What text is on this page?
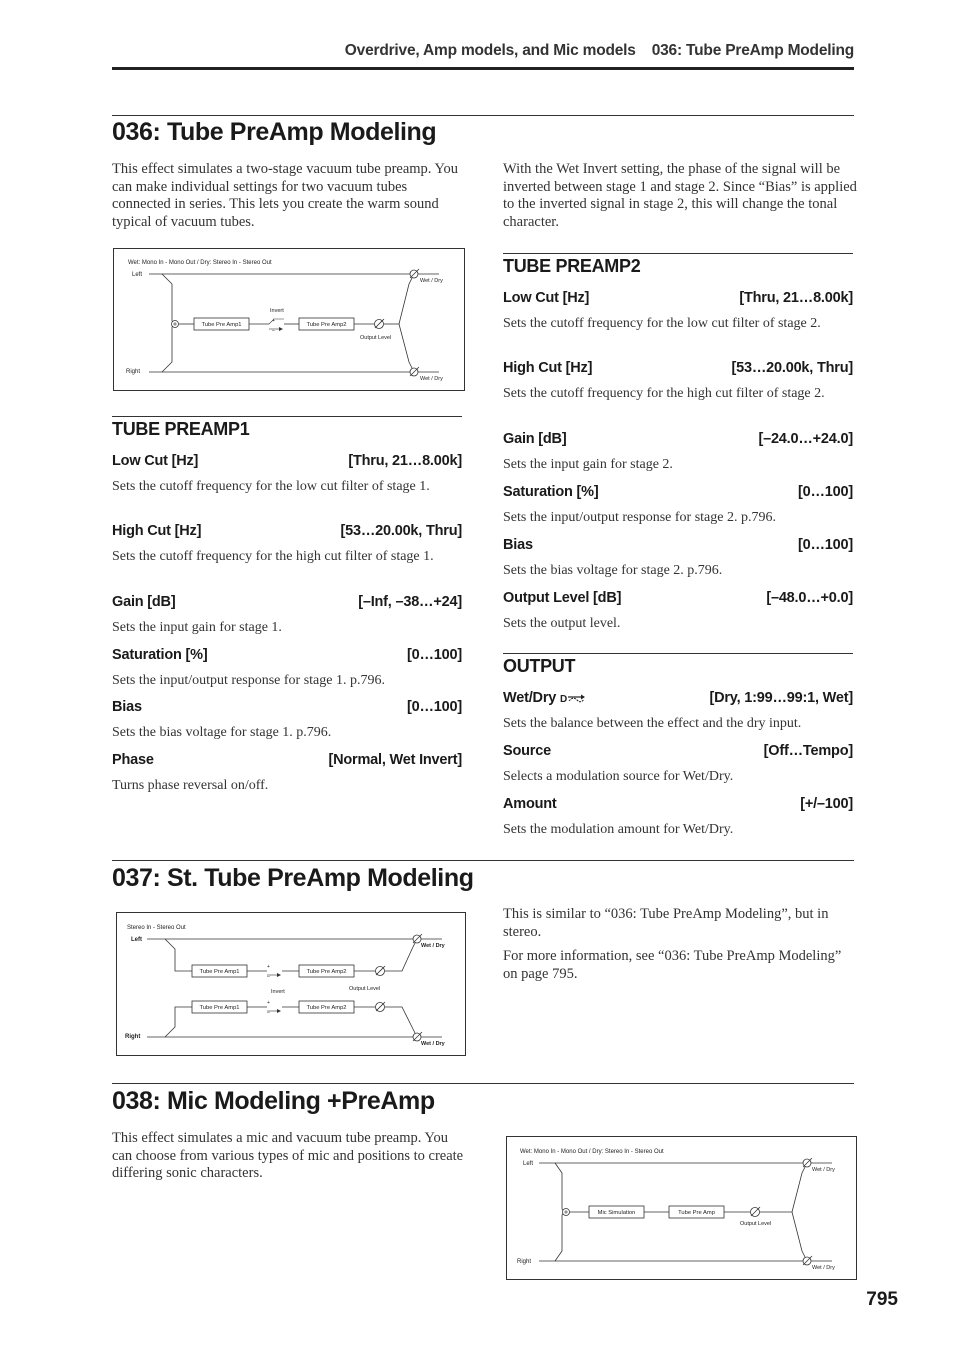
Overdrive, Amp models, and Mic models 036: Tube PreAmp Modeling
036: Tube PreAmp Modeling

This effect simulates a two-stage vacuum tube preamp. You can make individual settings for two vacuum tubes connected in series. This lets you create the warm sound typical of vacuum tubes.

With the Wet Invert setting, the phase of the signal will be inverted between stage 1 and stage 2. Since “Bias” is applied to the inverted signal in stage 2, this will change the tonal character.

Wet: Mono In - Mono Out / Dry: Stereo In - Stereo Out
Left
Right
Tube Pre Amp1
Invert
+
–
Tube Pre Amp2
Output Level
Wet / Dry
Wet / Dry
TUBE PREAMP1
Low Cut [Hz]	[Thru, 21…8.00k]

Sets the cutoff frequency for the low cut filter of stage 1.

High Cut [Hz]	[53…20.00k, Thru]

Sets the cutoff frequency for the high cut filter of stage 1.

Gain [dB]	[–Inf, –38…+24]

Sets the input gain for stage 1.

Saturation [%]	[0…100]

Sets the input/output response for stage 1. p.796.

Bias	[0…100]

Sets the bias voltage for stage 1. p.796.

Phase	[Normal, Wet Invert]

Turns phase reversal on/off.

TUBE PREAMP2
Low Cut [Hz]	[Thru, 21…8.00k]

Sets the cutoff frequency for the low cut filter of stage 2.

High Cut [Hz]	[53…20.00k, Thru]

Sets the cutoff frequency for the high cut filter of stage 2.

Gain [dB]	[–24.0…+24.0]

Sets the input gain for stage 2.

Saturation [%]	[0…100]

Sets the input/output response for stage 2. p.796.

Bias	[0…100]

Sets the bias voltage for stage 2. p.796.

Output Level [dB]	[–48.0…+0.0]

Sets the output level.

OUTPUT
Wet/Dry D	[Dry, 1:99…99:1, Wet]

Sets the balance between the effect and the dry input.

Source	[Off…Tempo]

Selects a modulation source for Wet/Dry.

Amount	[+/–100]

Sets the modulation amount for Wet/Dry.

037: St. Tube PreAmp Modeling

This is similar to “036: Tube PreAmp Modeling”, but in stereo.

For more information, see “036: Tube PreAmp Modeling” on page 795.

Stereo In - Stereo Out
Left
Right
Tube Pre Amp1
+
–
Tube Pre Amp2
Invert	Output Level
Tube Pre Amp1
+
–
Tube Pre Amp2
Wet / Dry
Wet / Dry
038: Mic Modeling +PreAmp

This effect simulates a mic and vacuum tube preamp. You can choose from various types of mic and positions to create differing sonic characters.

Wet: Mono In - Mono Out / Dry: Stereo In - Stereo Out
Left
Right
Mic Simulation	Tube Pre Amp
Output Level
Wet / Dry
Wet / Dry
795
